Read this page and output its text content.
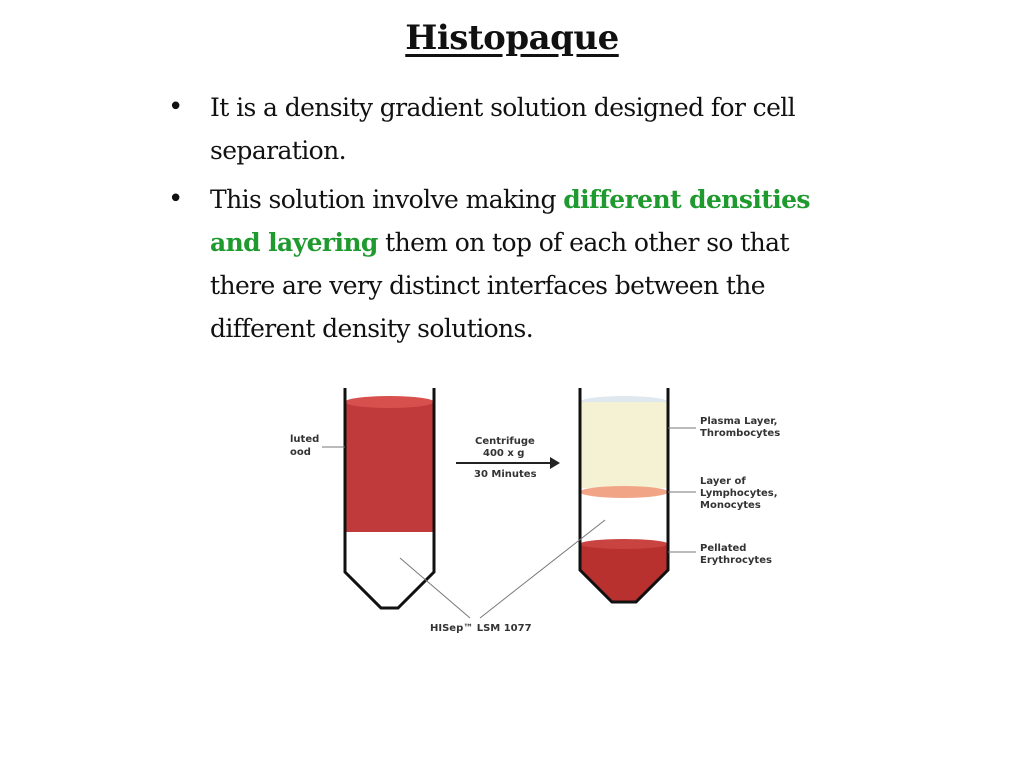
Histopaque
•	It is a density gradient solution designed for cell separation.
•	This solution involve making different densities and layering them on top of each other so that there are very distinct interfaces between the different density solutions.
luted
ood
Centrifuge
400 x g
30 Minutes
Plasma Layer,
Thrombocytes
Layer of
Lymphocytes,
Monocytes
Pellated
Erythrocytes
HISep™ LSM 1077
